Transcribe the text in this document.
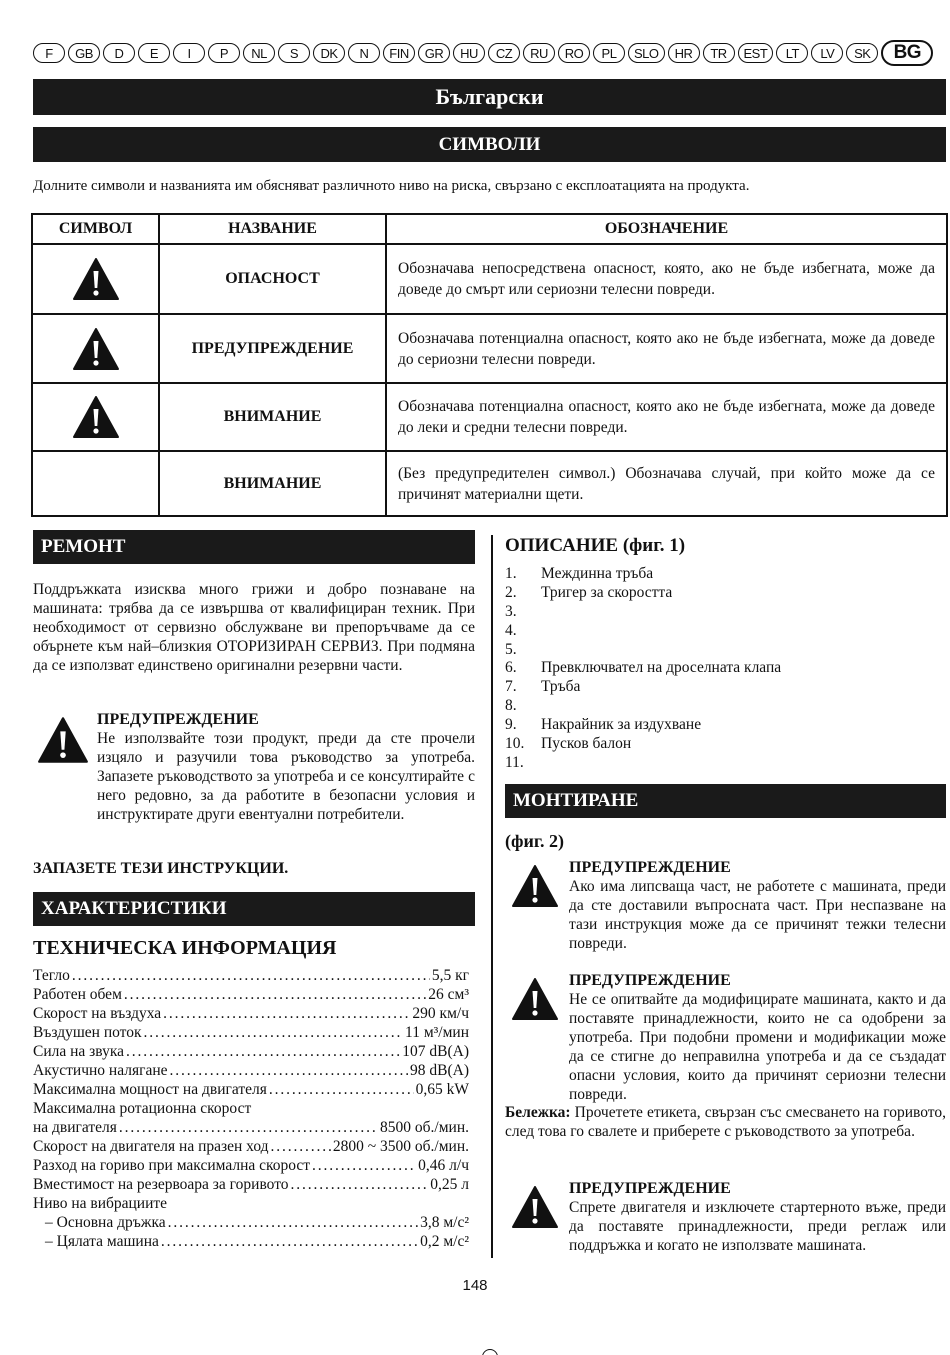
F	GB	D	E	I	P	NL	S	DK	N	FIN	GR	HU	CZ	RU	RO	PL	SLO	HR	TR	EST	LT	LV	SK	BG
Български
СИМВОЛИ
Долните символи и названията им обясняват различното ниво на риска, свързано с експлоатацията на продукта.
СИМВОЛ	НАЗВАНИЕ	ОБОЗНАЧЕНИЕ
	ОПАСНОСТ	Обозначава непосредствена опасност, която, ако не бъде избегната, може да доведе до смърт или сериозни телесни повреди.
	ПРЕДУПРЕЖДЕНИЕ	Обозначава потенциална опасност, която ако не бъде избегната, може да доведе до сериозни телесни повреди.
	ВНИМАНИЕ	Обозначава потенциална опасност, която ако не бъде избегната, може да доведе до леки и средни телесни повреди.
	ВНИМАНИЕ	(Без предупредителен символ.) Обозначава случай, при който може да се причинят материални щети.
РЕМОНТ
Поддръжката изисква много грижи и добро познаване на машината: трябва да се извършва от квалифициран техник. При необходимост от сервизно обслужване ви препоръчваме да се обърнете към най–близкия ОТОРИЗИРАН СЕРВИЗ. При подмяна да се използват единствено оригинални резервни части.
ПРЕДУПРЕЖДЕНИЕ
Не използвайте този продукт, преди да сте прочели изцяло и разучили това ръководство за употреба. Запазете ръководството за употреба и се консултирайте с него редовно, за да работите в безопасни условия и инструктирате други евентуални потребители.
ЗАПАЗЕТЕ ТЕЗИ ИНСТРУКЦИИ.
ХАРАКТЕРИСТИКИ
ТЕХНИЧЕСКА ИНФОРМАЦИЯ
Тегло . . .	5,5 кг
Работен обем . . .	26 см³
Скорост на въздуха . . .	290 км/ч
Въздушен поток . . .	11 м³/мин
Сила на звука . . .	107 dB(A)
Акустично налягане . . .	98 dB(A)
Максимална мощност на двигателя . . .	0,65 kW
Максимална ротационна скорост
на двигателя . . .	8500 об./мин.
Скорост на двигателя на празен ход . . .	2800 ~ 3500 об./мин.
Разход на гориво при максимална скорост . . .	0,46 л/ч
Вместимост на резервоара за горивото . . .	0,25 л
Ниво на вибрациите
– Основна дръжка . . .	3,8 м/с²
– Цялата машина . . .	0,2 м/с²
ОПИСАНИЕ (фиг. 1)
1.	Междинна тръба
2.	Тригер за скоростта
3.
4.
5.
6.	Превключвател на дроселната клапа
7.	Тръба
8.
9.	Накрайник за издухване
10.	Пусков балон
11.
МОНТИРАНЕ
(фиг. 2)
ПРЕДУПРЕЖДЕНИЕ
Ако има липсваща част, не работете с машината, преди да сте доставили въпросната част. При неспазване на тази инструкция може да се причинят тежки телесни повреди.
ПРЕДУПРЕЖДЕНИЕ
Не се опитвайте да модифицирате машината, както и да поставяте принадлежности, които не са одобрени за употреба. При подобни промени и модификации може да се стигне до неправилна употреба и да се създадат опасни условия, които да причинят сериозни телесни повреди.
Бележка: Прочетете етикета, свързан със смесването на горивото, след това го свалете и приберете с ръководството за употреба.
ПРЕДУПРЕЖДЕНИЕ
Спрете двигателя и изключете стартерното въже, преди да поставяте принадлежности, преди реглаж или поддръжка и когато не използвате машината.
148
